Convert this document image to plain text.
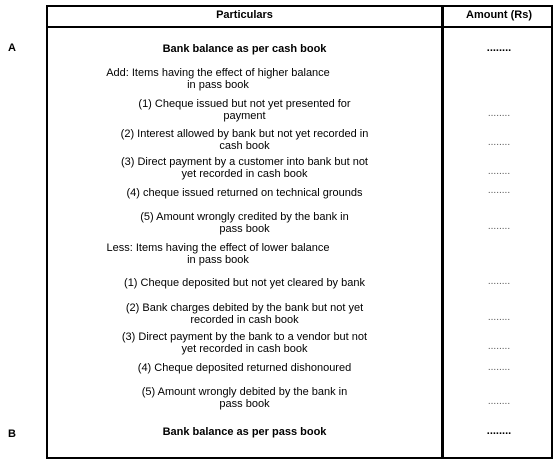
Particulars	Amount (Rs)
A
B
Bank balance as per cash book	........
Add: Items having the effect of higher balance
in pass book
(1) Cheque issued but not yet presented for
payment	........
(2) Interest allowed by bank but not yet recorded in
cash book	........
(3) Direct payment by a customer into bank but not
yet recorded in cash book	........
(4) cheque issued returned on technical grounds	........
(5) Amount wrongly credited by the bank in
pass book	........
Less: Items having the effect of lower balance
in pass book
(1) Cheque deposited but not yet cleared by bank	........
(2) Bank charges debited by the bank but not yet
recorded in cash book	........
(3) Direct payment by the bank to a vendor but not
yet recorded in cash book	........
(4) Cheque deposited returned dishonoured	........
(5) Amount wrongly debited by the bank in
pass book	........
Bank balance as per pass book	........
